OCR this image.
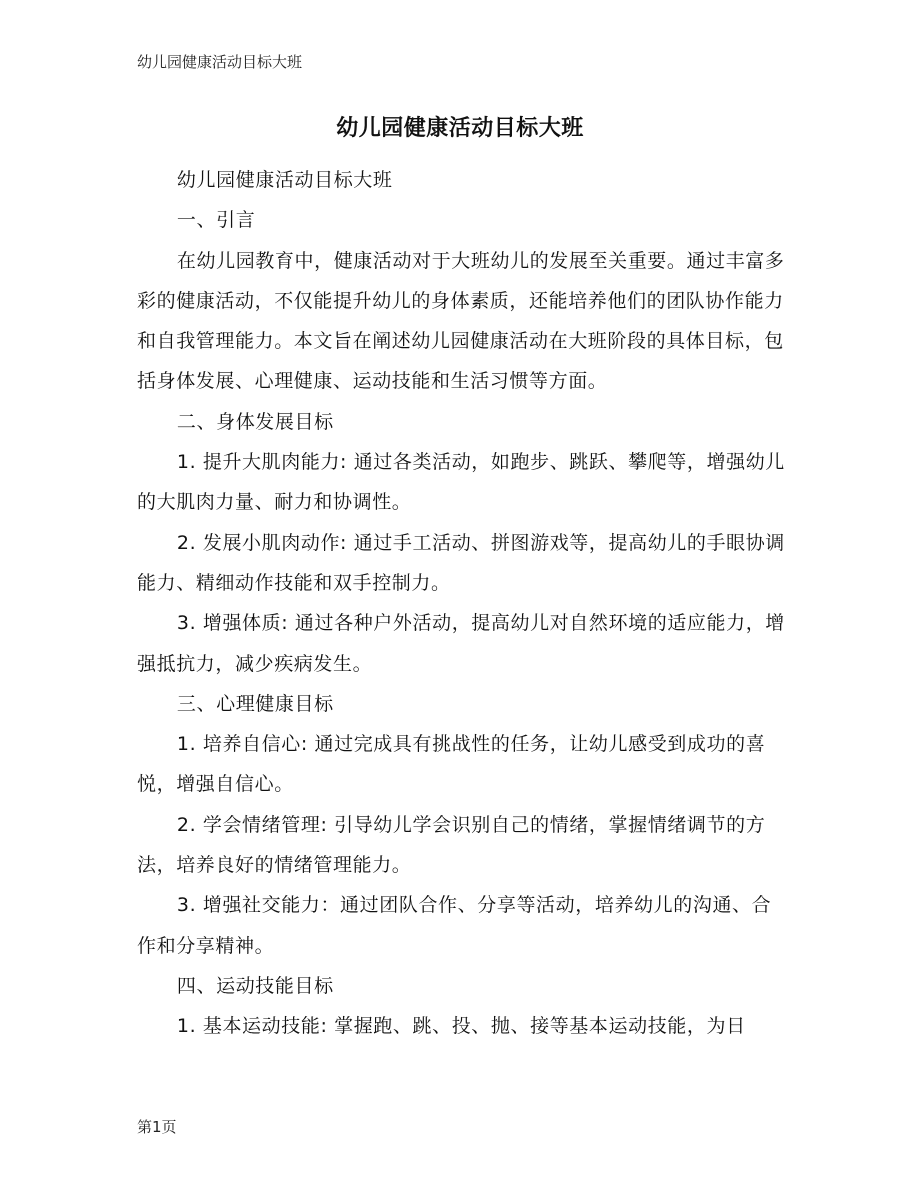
幼儿园健康活动目标大班
幼儿园健康活动目标大班

幼儿园健康活动目标大班

一、引言

在幼儿园教育中，健康活动对于大班幼儿的发展至关重要。通过丰富多彩的健康活动，不仅能提升幼儿的身体素质，还能培养他们的团队协作能力和自我管理能力。本文旨在阐述幼儿园健康活动在大班阶段的具体目标，包括身体发展、心理健康、运动技能和生活习惯等方面。

二、身体发展目标

1. 提升大肌肉能力: 通过各类活动，如跑步、跳跃、攀爬等，增强幼儿的大肌肉力量、耐力和协调性。

2. 发展小肌肉动作: 通过手工活动、拼图游戏等，提高幼儿的手眼协调能力、精细动作技能和双手控制力。

3. 增强体质: 通过各种户外活动，提高幼儿对自然环境的适应能力，增强抵抗力，减少疾病发生。

三、心理健康目标

1. 培养自信心: 通过完成具有挑战性的任务，让幼儿感受到成功的喜悦，增强自信心。

2. 学会情绪管理: 引导幼儿学会识别自己的情绪，掌握情绪调节的方法，培养良好的情绪管理能力。

3. 增强社交能力：通过团队合作、分享等活动，培养幼儿的沟通、合作和分享精神。

四、运动技能目标

1. 基本运动技能: 掌握跑、跳、投、抛、接等基本运动技能，为日

第1页
